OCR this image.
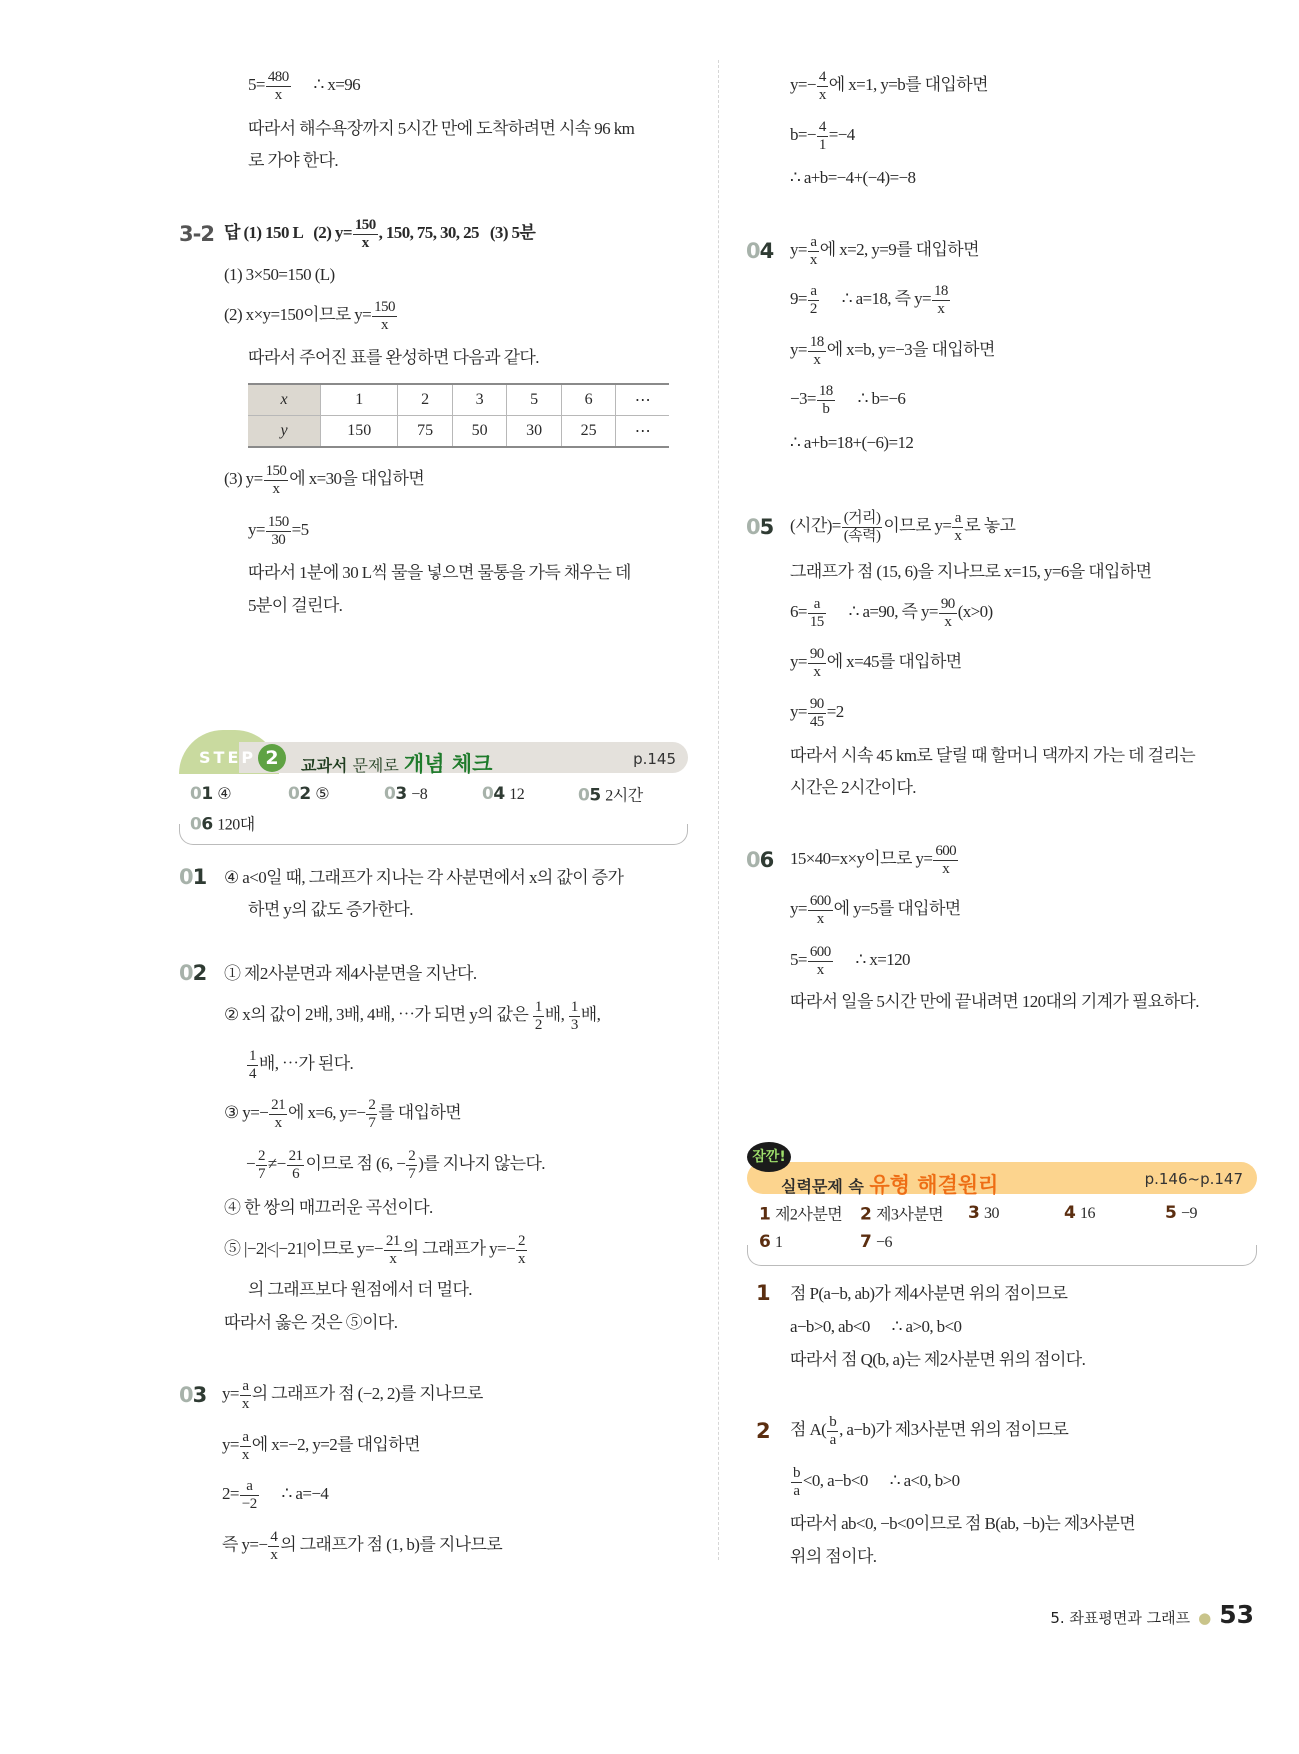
$5= \frac{480}{x}$ ∴ x=96
따라서 해수욕장까지 5시간 만에 도착하려면 시속 96 km
로 가야 한다.
3-2 답 (1) 150 L   (2) $y= \frac{150}{x}$ , 150, 75, 30, 25   (3) 5분
(1) 3×50=150 (L)
(2) x×y=150이므로 $y= \frac{150}{x}$
따라서 주어진 표를 완성하면 다음과 같다.
x	1	2	3	5	6	⋯
y	150	75	50	30	25	⋯
(3) $y= \frac{150}{x}$ 에 x=30을 대입하면
$y= \frac{150}{30} =5$
따라서 1분에 30 L씩 물을 넣으면 물통을 가득 채우는 데
5분이 걸린다.
STEP 2	교과서 문제로 개념 체크	p.145
01 ④	02 ⑤	03 −8	04 12	05 2시간
06 120대
01 ④ a<0일 때, 그래프가 지나는 각 사분면에서 x의 값이 증가
하면 y의 값도 증가한다.
02 ① 제2사분면과 제4사분면을 지난다.
② x의 값이 2배, 3배, 4배, ⋯가 되면 y의 값은 $\frac{1}{2}$ 배, $\frac{1}{3}$ 배,
$\frac{1}{4}$ 배, ⋯가 된다.
③ $y=- \frac{21}{x}$ 에 x=6, $y=- \frac{2}{7}$ 를 대입하면
− $\frac{2}{7} \ne- \frac{21}{6}$ 이므로 점 (6, − $\frac{2}{7}$ )를 지나지 않는다.
④ 한 쌍의 매끄러운 곡선이다.
⑤ |−2|<|−21|이므로 $y=- \frac{21}{x}$ 의 그래프가 $y=- \frac{2}{x}$
의 그래프보다 원점에서 더 멀다.
따라서 옳은 것은 ⑤이다.
03 $y= \frac{a}{x}$ 의 그래프가 점 (−2, 2)를 지나므로
$y= \frac{a}{x}$ 에 x=−2, y=2를 대입하면
$2= \frac{a}{-2}$ ∴ a=−4
즉 $y=- \frac{4}{x}$ 의 그래프가 점 (1, b)를 지나므로
$y=- \frac{4}{x}$ 에 x=1, y=b를 대입하면
$b=- \frac{4}{1} =-4$
∴ a+b=−4+(−4)=−8
04 $y= \frac{a}{x}$ 에 x=2, y=9를 대입하면
$9= \frac{a}{2}$ ∴ a=18, 즉 $y= \frac{18}{x}$
$y= \frac{18}{x}$ 에 x=b, y=−3을 대입하면
$-3= \frac{18}{b}$ ∴ b=−6
∴ a+b=18+(−6)=12
05 (시간)= $\frac{\text{(거리)}}{\text{(속력)}}$ 이므로 $y= \frac{a}{x}$ 로 놓고
그래프가 점 (15, 6)을 지나므로 x=15, y=6을 대입하면
$6= \frac{a}{15}$ ∴ a=90, 즉 $y= \frac{90}{x} (x>0)$
$y= \frac{90}{x}$ 에 x=45를 대입하면
$y= \frac{90}{45} =2$
따라서 시속 45 km로 달릴 때 할머니 댁까지 가는 데 걸리는
시간은 2시간이다.
06 15×40=x×y이므로 $y= \frac{600}{x}$
$y= \frac{600}{x}$ 에 y=5를 대입하면
$5= \frac{600}{x}$ ∴ x=120
따라서 일을 5시간 만에 끝내려면 120대의 기계가 필요하다.
잠깐!
실력문제 속 유형 해결원리	p.146~p.147
1 제2사분면 2 제3사분면 3 30	4 16	5 −9
6 1	7 −6
1 점 P(a−b, ab)가 제4사분면 위의 점이므로
a−b>0, ab<0      ∴ a>0, b<0
따라서 점 Q(b, a)는 제2사분면 위의 점이다.
2 점 $A( \frac{b}{a}$ , a−b)가 제3사분면 위의 점이므로
$\frac{b}{a} <0$, a−b<0      ∴ a<0, b>0
따라서 ab<0, −b<0이므로 점 B(ab, −b)는 제3사분면
위의 점이다.
5. 좌표평면과 그래프 ● 53
